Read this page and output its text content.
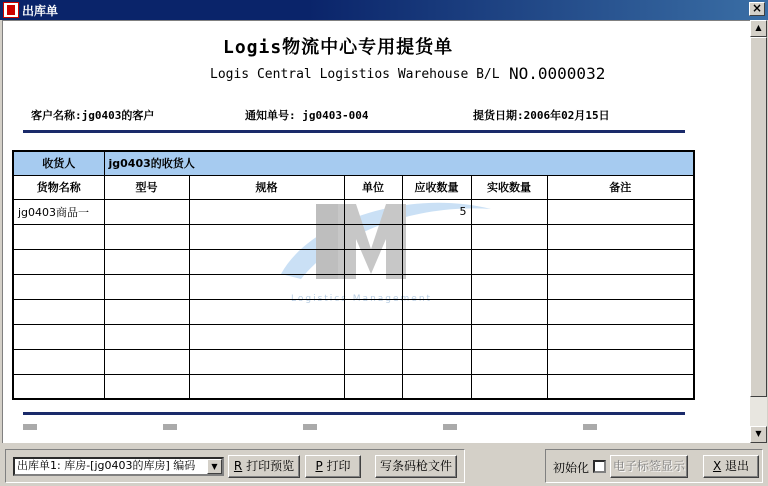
出库单	×
Logis物流中心专用提货单
Logis Central Logistios Warehouse B/L NO.0000032
客户名称:jg0403的客户	通知单号: jg0403-004	提货日期:2006年02月15日
Logistics Management
收货人	jg0403的收货人					
货物名称	型号	规格	单位	应收数量	实收数量	备注
jg0403商品一				5		

▲
▼
出库单1: 库房-[jg0403的库房] 编码	▼	R 打印预览	P 打印	写条码枪文件	初始化 电子标签显示	X 退出
